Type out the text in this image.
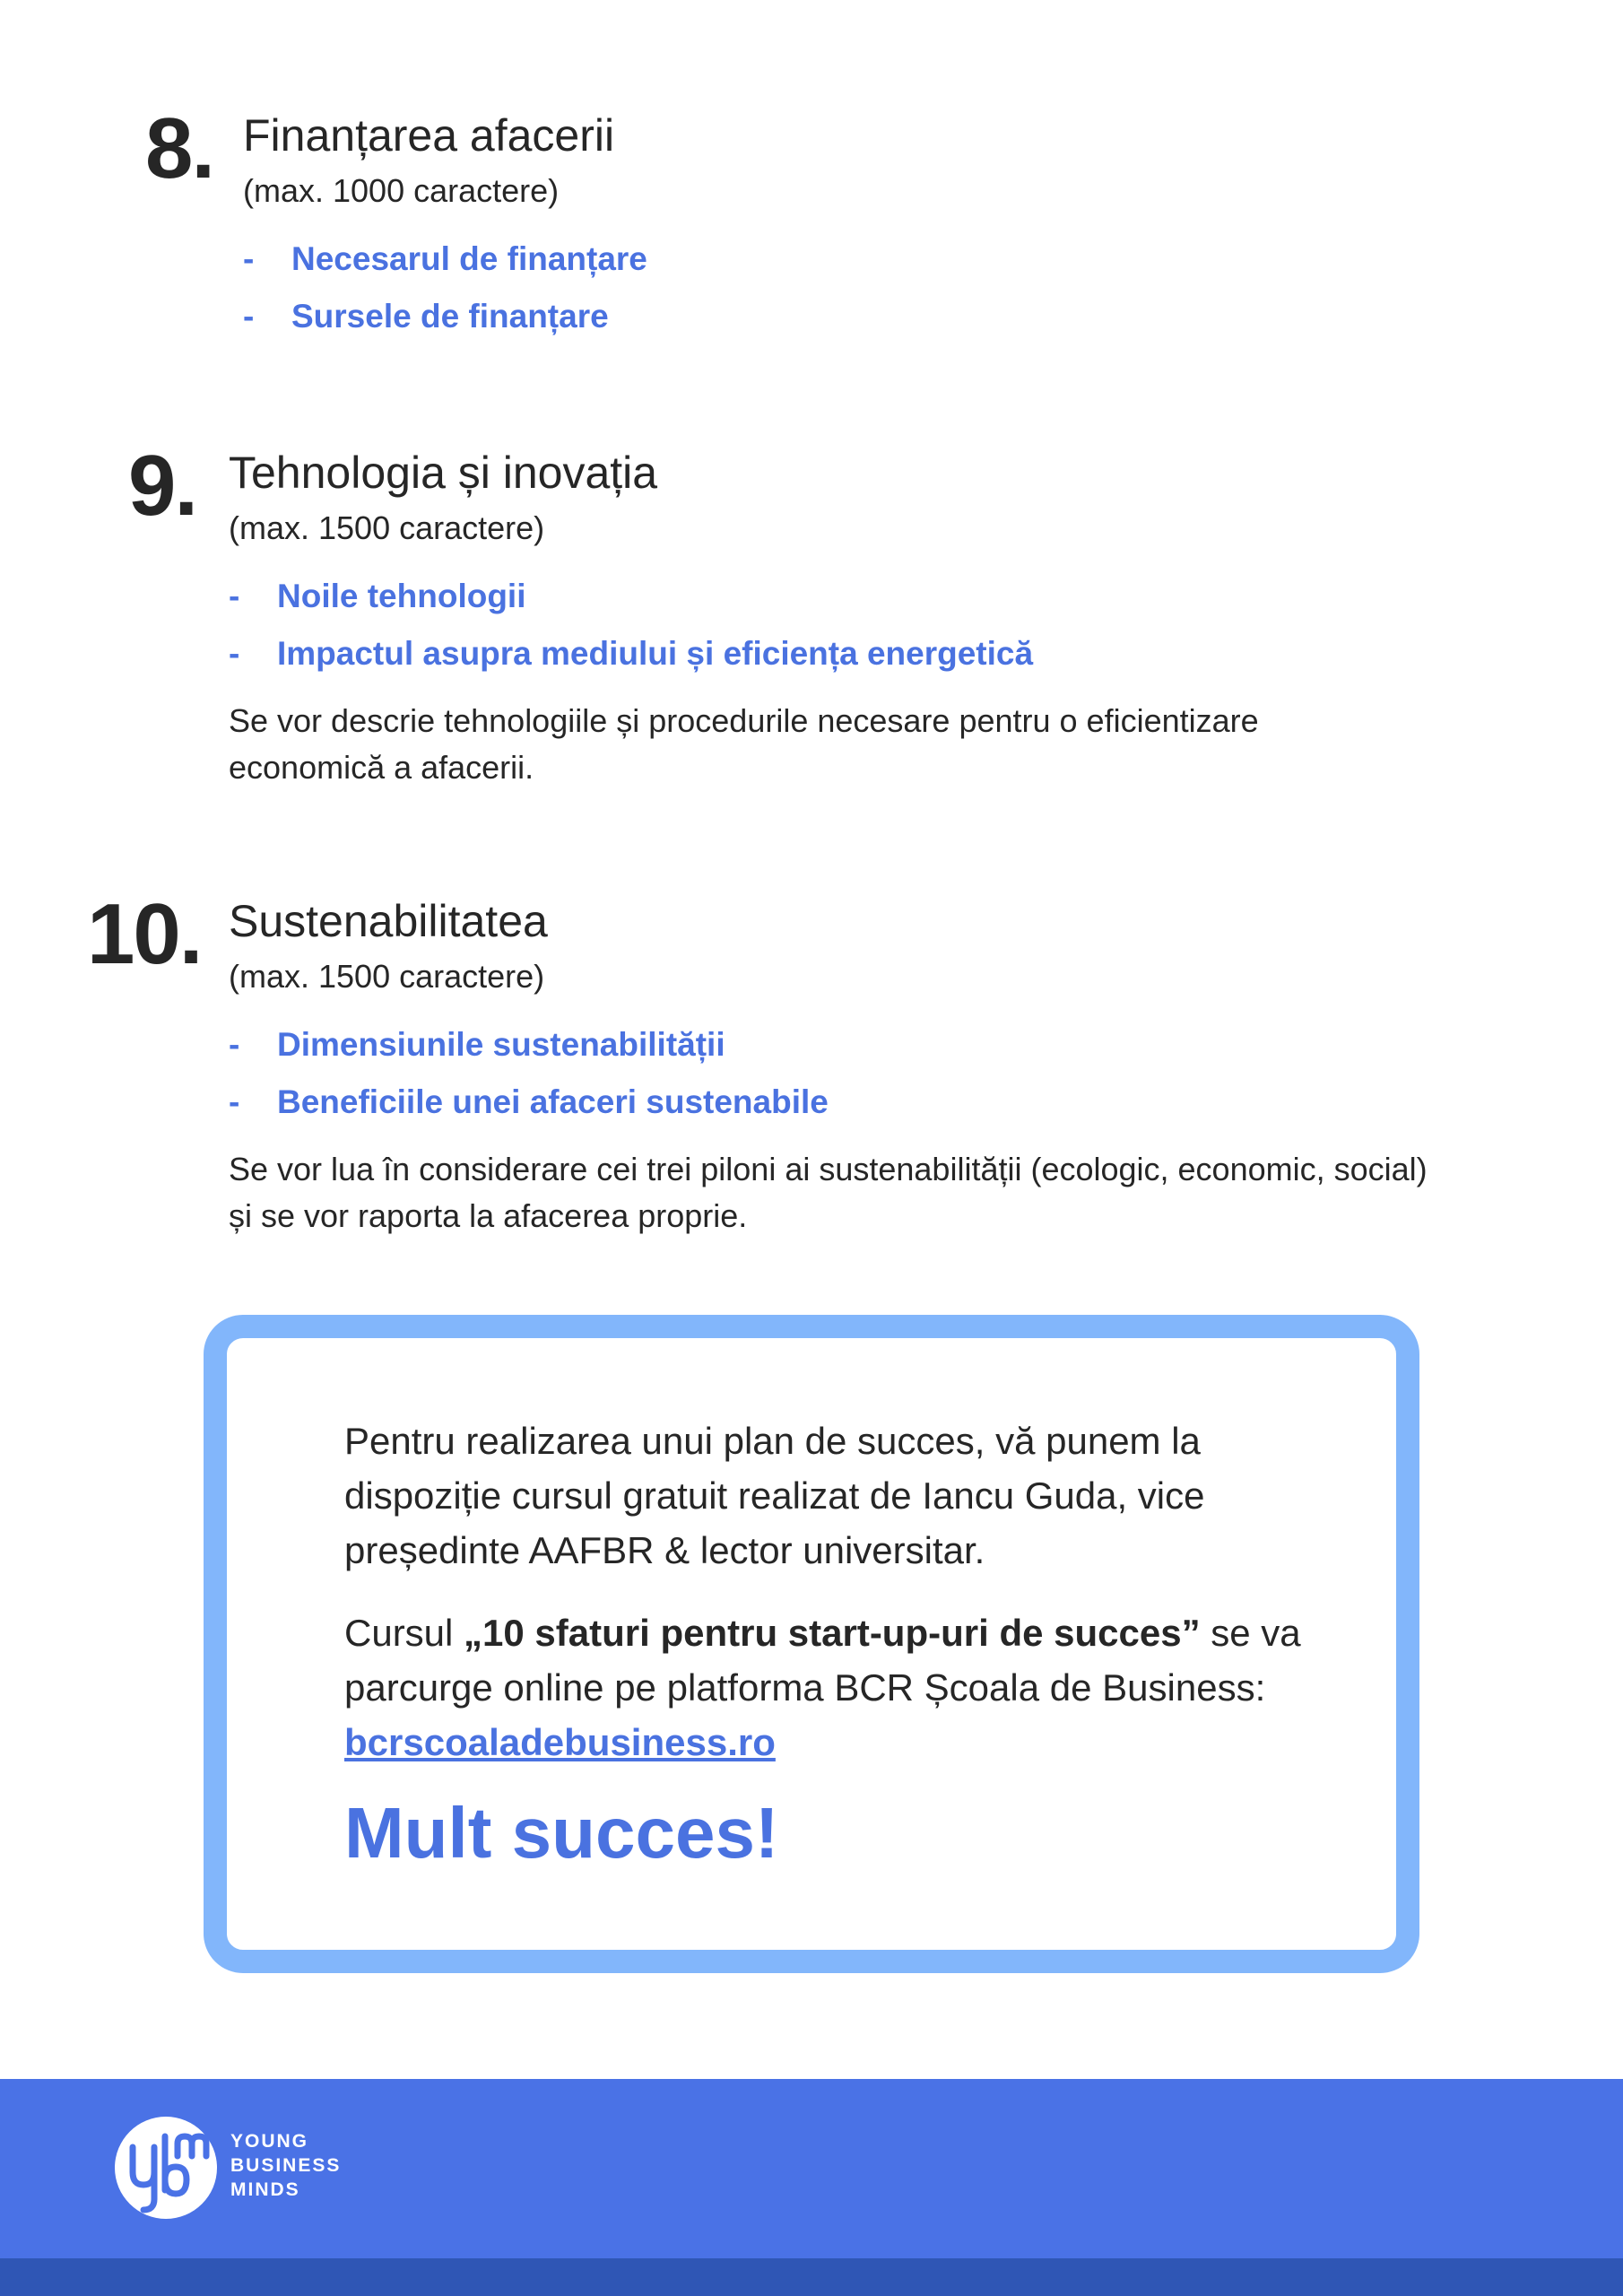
8. Finanțarea afacerii
(max. 1000 caractere)
- Necesarul de finanțare
- Sursele de finanțare
9. Tehnologia și inovația
(max. 1500 caractere)
- Noile tehnologii
- Impactul asupra mediului și eficiența energetică
Se vor descrie tehnologiile și procedurile necesare pentru o eficientizare economică a afacerii.
10. Sustenabilitatea
(max. 1500 caractere)
- Dimensiunile sustenabilității
- Beneficiile unei afaceri sustenabile
Se vor lua în considerare cei trei piloni ai sustenabilității (ecologic, economic, social) și se vor raporta la afacerea proprie.
Pentru realizarea unui plan de succes, vă punem la dispoziție cursul gratuit realizat de Iancu Guda, vice președinte AAFBR & lector universitar.
Cursul „10 sfaturi pentru start-up-uri de succes” se va parcurge online pe platforma BCR Școala de Business: bcrscoaladebusiness.ro
Mult succes!
YOUNG
BUSINESS
MINDS
